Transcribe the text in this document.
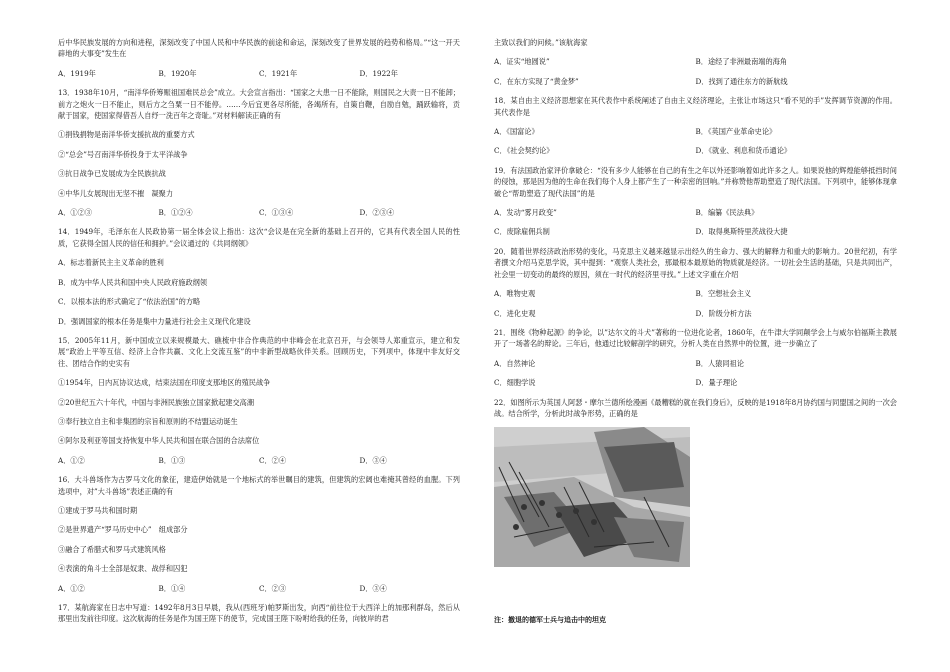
后中华民族发展的方向和进程，深刻改变了中国人民和中华民族的前途和命运，深刻改变了世界发展的趋势和格局。”“这一开天辟地的大事变”发生在

A．1919年	B．1920年	C．1921年	D．1922年

13．1938年10月，“南洋华侨筹赈祖国难民总会”成立。大会宣言指出：“国家之大患一日不能除，则国民之大责一日不能卸；前方之炮火一日不能止，则后方之刍粟一日不能停。……今后宜更各尽所能，各竭所有，自策自鞭，自励自勉，踊跃输将，贡献于国家，使国家得借吾人自纾一洗百年之奇耻。”对材料解读正确的有

①捐钱捐物是南洋华侨支援抗战的重要方式
②“总会”号召南洋华侨投身于太平洋战争
③抗日战争已发展成为全民族抗战
④中华儿女展现出无坚不摧　凝聚力
A．①②③	B．①②④	C．①③④	D．②③④

14．1949年，毛泽东在人民政协第一届全体会议上指出：这次“会议是在完全新的基础上召开的，它具有代表全国人民的性质，它获得全国人民的信任和拥护。”会议通过的《共同纲领》

A．标志着新民主主义革命的胜利
B．成为中华人民共和国中央人民政府施政纲领
C．以根本法的形式确定了“依法治国”的方略
D．强调国家的根本任务是集中力量进行社会主义现代化建设

15．2005年11月，新中国成立以来规模最大、礁梳中非合作典范的中非峰会在北京召开，与会领导人郑重宣示，建立和发展“政治上平等互信、经济上合作共赢、文化上交流互鉴”的中非新型战略伙伴关系。回顾历史，下列项中，体现中非友好交往、团结合作的史实有

①1954年，日内瓦协议达成，结束法国在印度支那地区的殖民战争
②20世纪五六十年代，中国与非洲民族独立国家掀起建交高潮
③奉行独立自主和非集团的宗旨和原则的不结盟运动诞生
④阿尔及利亚等国支持恢复中华人民共和国在联合国的合法席位
A．①②	B．①③	C．②④	D．③④

16．大斗兽场作为古罗马文化的象征，建造伊始就是一个地标式的举世瞩目的建筑，但建筑的宏阔也难掩其曾经的血腥。下列选项中，对”大斗兽场”表述正确的有

①建成于罗马共和国时期
②是世界遗产“罗马历史中心”　组成部分
③融合了希腊式和罗马式建筑风格
④表演的角斗士全部是奴隶、战俘和囚犯
A．①②	B．①④	C．②③	D．③④

17．某航海家在日志中写道：1492年8月3日早晨，我从(西班牙)帕罗斯出发，向西“前往位于大西洋上的加那利群岛，然后从那里出发前往印度。这次航海的任务是作为国王陛下的使节，完成国王陛下吩咐给我的任务，向彼岸的君

主致以我们的问候。”该航海家

A．证实“地圆说”	B．途经了非洲最南端的海角
C．在东方实现了“黄金梦”	D．找到了通往东方的新航线

18．某自由主义经济思想家在其代表作中系统阐述了自由主义经济理论，主张让市场这只“看不见的手”发挥调节资源的作用。其代表作是

A．《国富论》	B．《英国产业革命史论》
C．《社会契约论》	D．《就业、利息和货币通论》

19．有法国政治家评价拿破仑：“没有多少人能够在自己的有生之年以外还影响着如此许多之人。如果说他的辉煌能够抵挡时间的侵蚀，那是因为他的生命在我们每个人身上都产生了一种亲密的回响。”并称赞他帮助塑造了现代法国。下列项中，能够体现拿破仑“帮助塑造了现代法国”的是

A．发动“雾月政变”	B．编纂《民法典》
C．废除雇佣兵制	D．取得奥斯特里茨战役大捷

20．随着世界经济政治形势的变化，马克思主义越来越显示出经久的生命力、强大的解释力和重大的影响力。20世纪初，有学者撰文介绍马克思学说，其中提到：“观察人类社会，那最根本最原始的物质就是经济。一切社会生活的基础，只是共同出产，社会里一切变动的最终的原因，须在一时代的经济里寻找。”上述文字重在介绍

A．唯物史观	B．空想社会主义
C．进化史观	D．阶级分析方法

21．围绕《物种起源》的争论，以”达尔文的斗犬”著称的一位进化论者，1860年，在牛津大学同颠学会上与威尔伯福斯主教展开了一场著名的辩论。三年后，他通过比较解剖学的研究，分析人类在自然界中的位置，进一步确立了

A．自然神论	B．人猿同祖论
C．细胞学说	D．量子理论

22．如图所示为英国人阿瑟・摩尔兰德所绘漫画《最糟糕的就在我们身后》，反映的是1918年8月协约国与同盟国之间的一次会战。结合所学，分析此时战争形势，正确的是

注：撤退的德军士兵与追击中的坦克
